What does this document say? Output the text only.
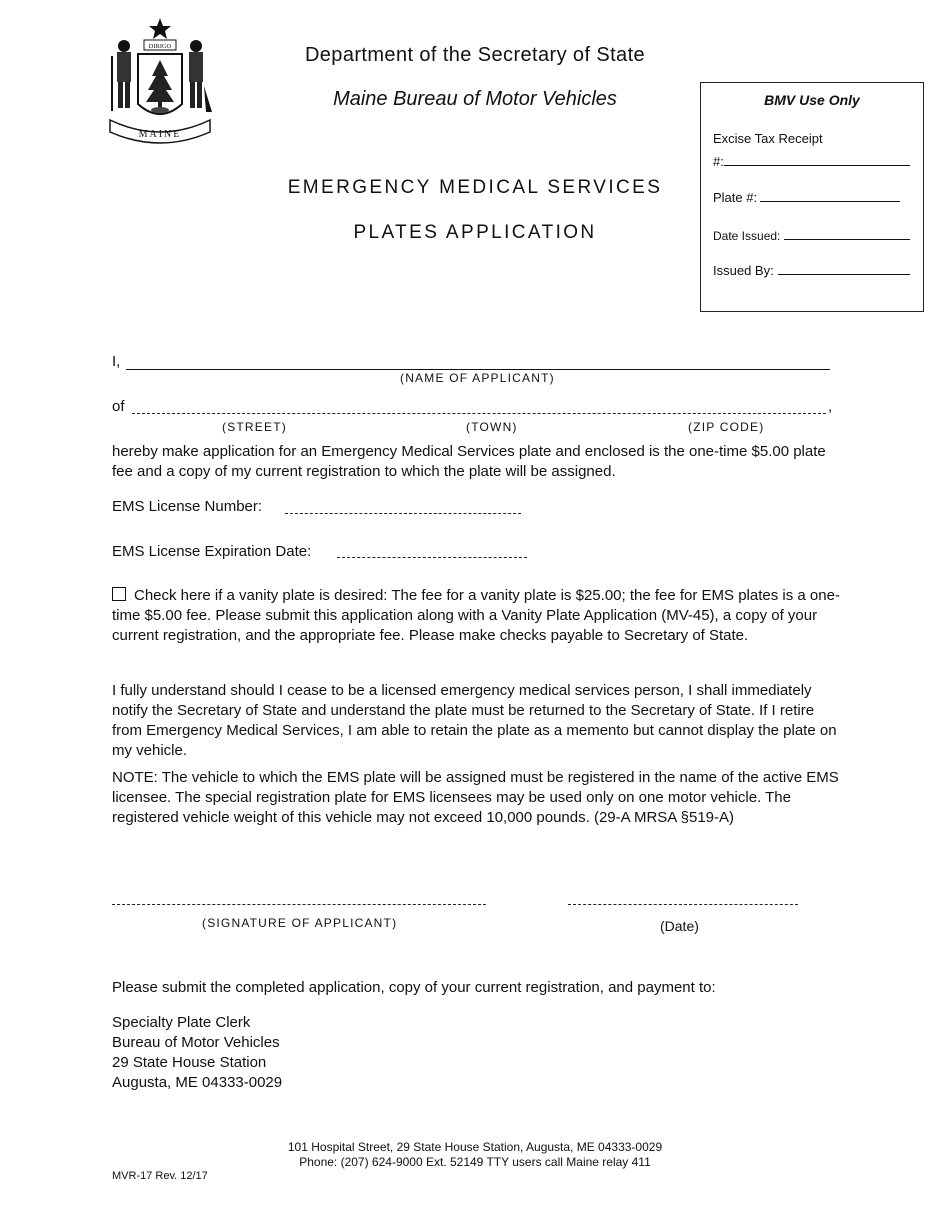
DIRIGO
MAINE
Department of the Secretary of State
Maine Bureau of Motor Vehicles
EMERGENCY MEDICAL SERVICES
PLATES APPLICATION
BMV Use Only
Excise Tax Receipt
#:
Plate #:
Date Issued:
Issued By:
I,
(NAME OF APPLICANT)
of	,
(STREET)	(TOWN)	(ZIP CODE)
hereby make application for an Emergency Medical Services plate and enclosed is the one-time $5.00 plate fee and a copy of my current registration to which the plate will be assigned.
EMS License Number:
EMS License Expiration Date:
Check here if a vanity plate is desired: The fee for a vanity plate is $25.00; the fee for EMS plates is a one-time $5.00 fee. Please submit this application along with a Vanity Plate Application (MV-45), a copy of your current registration, and the appropriate fee. Please make checks payable to Secretary of State.
I fully understand should I cease to be a licensed emergency medical services person, I shall immediately notify the Secretary of State and understand the plate must be returned to the Secretary of State. If I retire from Emergency Medical Services, I am able to retain the plate as a memento but cannot display the plate on my vehicle.
NOTE: The vehicle to which the EMS plate will be assigned must be registered in the name of the active EMS licensee. The special registration plate for EMS licensees may be used only on one motor vehicle. The registered vehicle weight of this vehicle may not exceed 10,000 pounds. (29-A MRSA §519-A)
(SIGNATURE OF APPLICANT)	(Date)
Please submit the completed application, copy of your current registration, and payment to:
Specialty Plate Clerk
Bureau of Motor Vehicles
29 State House Station
Augusta, ME 04333-0029
101 Hospital Street, 29 State House Station, Augusta, ME 04333-0029
Phone: (207) 624-9000 Ext. 52149 TTY users call Maine relay 411
MVR-17 Rev. 12/17
